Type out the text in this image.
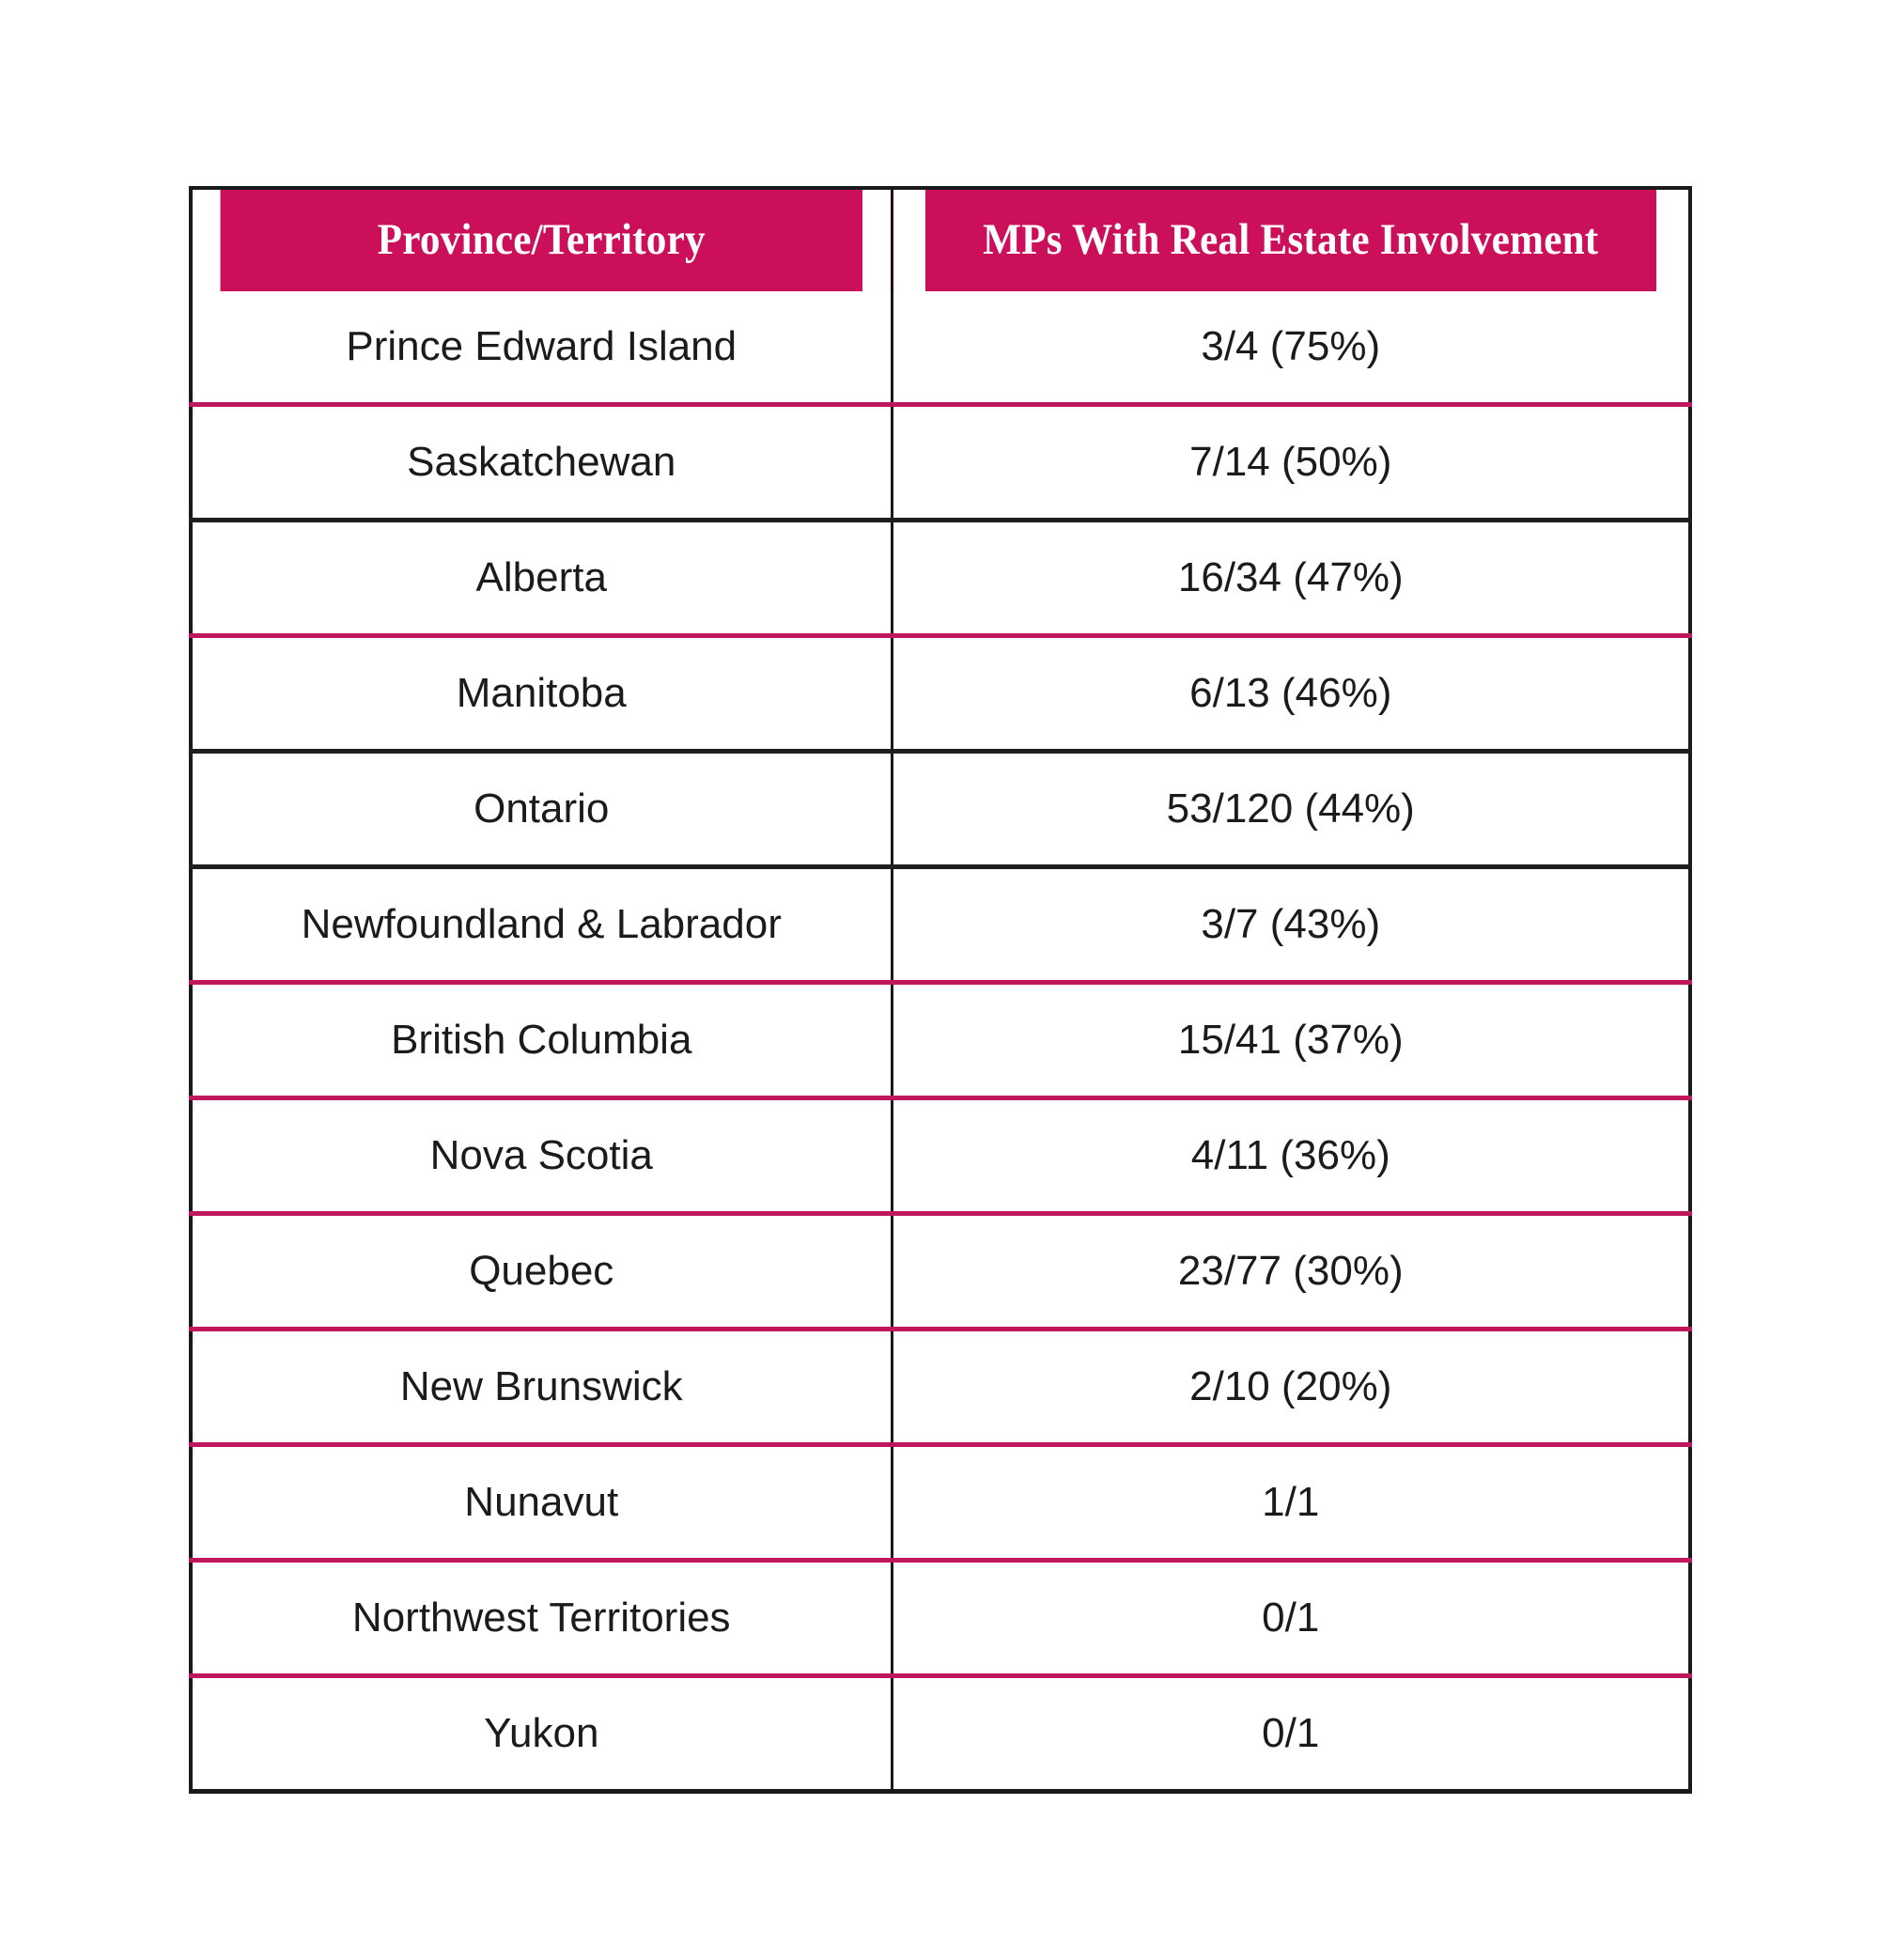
Province/Territory	MPs With Real Estate Involvement
Prince Edward Island	3/4 (75%)
Saskatchewan	7/14 (50%)
Alberta	16/34 (47%)
Manitoba	6/13 (46%)
Ontario	53/120 (44%)
Newfoundland & Labrador	3/7 (43%)
British Columbia	15/41 (37%)
Nova Scotia	4/11 (36%)
Quebec	23/77 (30%)
New Brunswick	2/10 (20%)
Nunavut	1/1
Northwest Territories	0/1
Yukon	0/1
